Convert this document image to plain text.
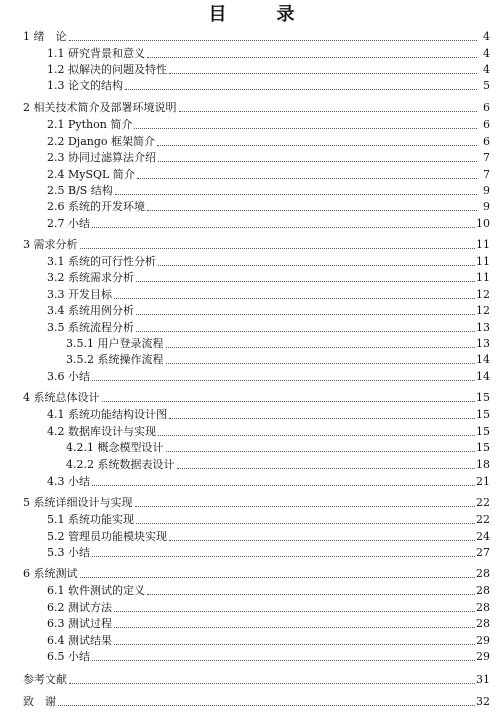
目　录
1 绪　论	4
1.1 研究背景和意义	4
1.2 拟解决的问题及特性	4
1.3 论文的结构	5
2 相关技术简介及部署环境说明	6
2.1 Python 简介	6
2.2 Django 框架简介	6
2.3 协同过滤算法介绍	7
2.4 MySQL 简介	7
2.5 B/S 结构	9
2.6 系统的开发环境	9
2.7 小结	10
3 需求分析	11
3.1 系统的可行性分析	11
3.2 系统需求分析	11
3.3 开发目标	12
3.4 系统用例分析	12
3.5 系统流程分析	13
3.5.1 用户登录流程	13
3.5.2 系统操作流程	14
3.6 小结	14
4 系统总体设计	15
4.1 系统功能结构设计图	15
4.2 数据库设计与实现	15
4.2.1 概念模型设计	15
4.2.2 系统数据表设计	18
4.3 小结	21
5 系统详细设计与实现	22
5.1 系统功能实现	22
5.2 管理员功能模块实现	24
5.3 小结	27
6 系统测试	28
6.1 软件测试的定义	28
6.2 测试方法	28
6.3 测试过程	28
6.4 测试结果	29
6.5 小结	29
参考文献	31
致　谢	32
